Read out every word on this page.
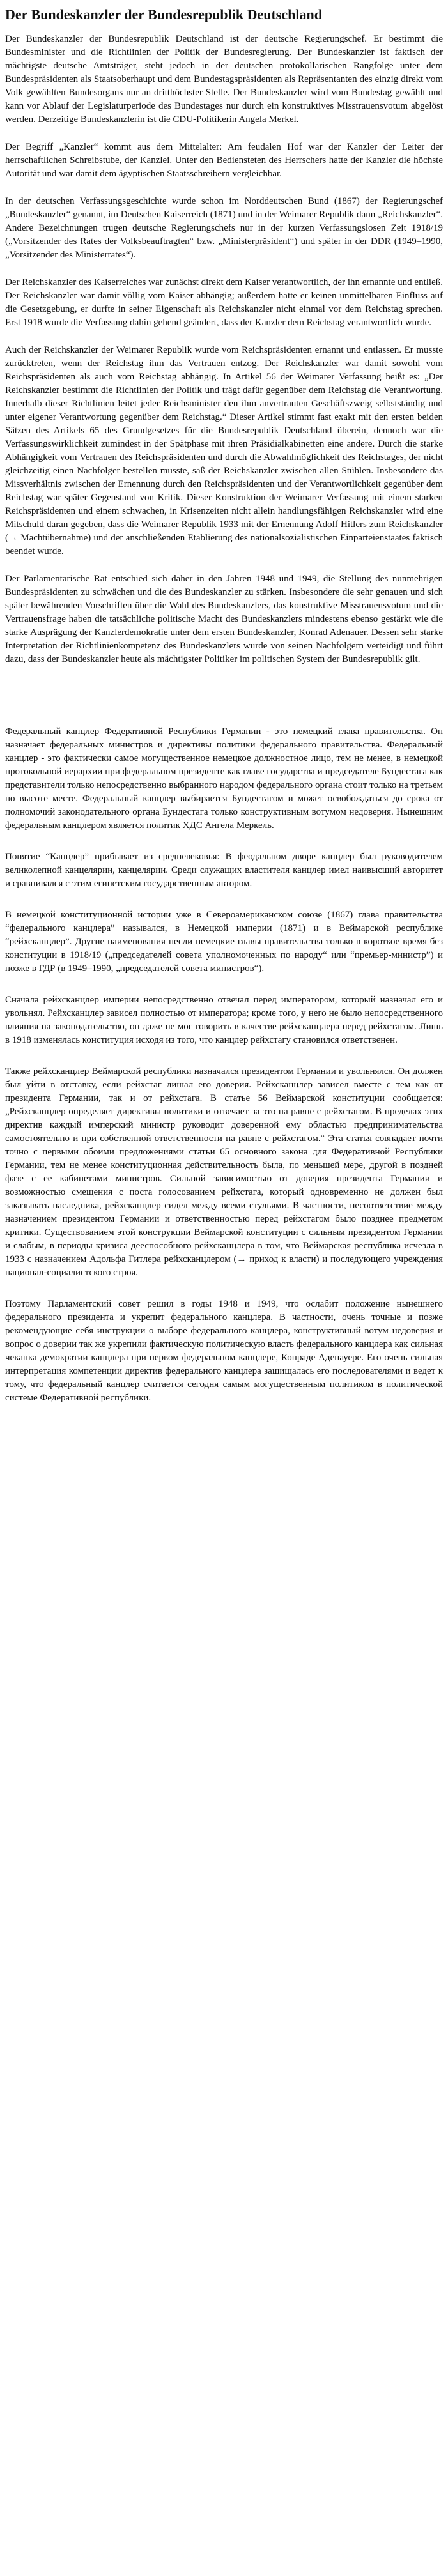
Der Bundeskanzler der Bundesrepublik Deutschland

Der Bundeskanzler der Bundesrepublik Deutschland ist der deutsche Regierungschef. Er bestimmt die Bundesminister und die Richtlinien der Politik der Bundesregierung. Der Bundeskanzler ist faktisch der mächtigste deutsche Amtsträger, steht jedoch in der deutschen protokollarischen Rangfolge unter dem Bundespräsidenten als Staatsoberhaupt und dem Bundestagspräsidenten als Repräsentanten des einzig direkt vom Volk gewählten Bundesorgans nur an dritthöchster Stelle. Der Bundeskanzler wird vom Bundestag gewählt und kann vor Ablauf der Legislaturperiode des Bundestages nur durch ein konstruktives Misstrauensvotum abgelöst werden. Derzeitige Bundeskanzlerin ist die CDU-Politikerin Angela Merkel.

Der Begriff „Kanzler“ kommt aus dem Mittelalter: Am feudalen Hof war der Kanzler der Leiter der herrschaftlichen Schreibstube, der Kanzlei. Unter den Bediensteten des Herrschers hatte der Kanzler die höchste Autorität und war damit dem ägyptischen Staatsschreibern vergleichbar.

In der deutschen Verfassungsgeschichte wurde schon im Norddeutschen Bund (1867) der Regierungschef „Bundeskanzler“ genannt, im Deutschen Kaiserreich (1871) und in der Weimarer Republik dann „Reichskanzler“. Andere Bezeichnungen trugen deutsche Regierungschefs nur in der kurzen Verfassungslosen Zeit 1918/19 („Vorsitzender des Rates der Volksbeauftragten“ bzw. „Ministerpräsident“) und später in der DDR (1949–1990, „Vorsitzender des Ministerrates“).

Der Reichskanzler des Kaiserreiches war zunächst direkt dem Kaiser verantwortlich, der ihn ernannte und entließ. Der Reichskanzler war damit völlig vom Kaiser abhängig; außerdem hatte er keinen unmittelbaren Einfluss auf die Gesetzgebung, er durfte in seiner Eigenschaft als Reichskanzler nicht einmal vor dem Reichstag sprechen. Erst 1918 wurde die Verfassung dahin gehend geändert, dass der Kanzler dem Reichstag verantwortlich wurde.

Auch der Reichskanzler der Weimarer Republik wurde vom Reichspräsidenten ernannt und entlassen. Er musste zurücktreten, wenn der Reichstag ihm das Vertrauen entzog. Der Reichskanzler war damit sowohl vom Reichspräsidenten als auch vom Reichstag abhängig. In Artikel 56 der Weimarer Verfassung heißt es: „Der Reichskanzler bestimmt die Richtlinien der Politik und trägt dafür gegenüber dem Reichstag die Verantwortung. Innerhalb dieser Richtlinien leitet jeder Reichsminister den ihm anvertrauten Geschäftszweig selbstständig und unter eigener Verantwortung gegenüber dem Reichstag.“ Dieser Artikel stimmt fast exakt mit den ersten beiden Sätzen des Artikels 65 des Grundgesetzes für die Bundesrepublik Deutschland überein, dennoch war die Verfassungswirklichkeit zumindest in der Spätphase mit ihren Präsidialkabinetten eine andere. Durch die starke Abhängigkeit vom Vertrauen des Reichspräsidenten und durch die Abwahlmöglichkeit des Reichstages, der nicht gleichzeitig einen Nachfolger bestellen musste, saß der Reichskanzler zwischen allen Stühlen. Insbesondere das Missverhältnis zwischen der Ernennung durch den Reichspräsidenten und der Verantwortlichkeit gegenüber dem Reichstag war später Gegenstand von Kritik. Dieser Konstruktion der Weimarer Verfassung mit einem starken Reichspräsidenten und einem schwachen, in Krisenzeiten nicht allein handlungsfähigen Reichskanzler wird eine Mitschuld daran gegeben, dass die Weimarer Republik 1933 mit der Ernennung Adolf Hitlers zum Reichskanzler (→ Machtübernahme) und der anschließenden Etablierung des nationalsozialistischen Einparteienstaates faktisch beendet wurde.

Der Parlamentarische Rat entschied sich daher in den Jahren 1948 und 1949, die Stellung des nunmehrigen Bundespräsidenten zu schwächen und die des Bundeskanzler zu stärken. Insbesondere die sehr genauen und sich später bewährenden Vorschriften über die Wahl des Bundeskanzlers, das konstruktive Misstrauensvotum und die Vertrauensfrage haben die tatsächliche politische Macht des Bundeskanzlers mindestens ebenso gestärkt wie die starke Ausprägung der Kanzlerdemokratie unter dem ersten Bundeskanzler, Konrad Adenauer. Dessen sehr starke Interpretation der Richtlinienkompetenz des Bundeskanzlers wurde von seinen Nachfolgern verteidigt und führt dazu, dass der Bundeskanzler heute als mächtigster Politiker im politischen System der Bundesrepublik gilt.

Федеральный канцлер Федеративной Республики Германии - это немецкий глава правительства. Он назначает федеральных министров и директивы политики федерального правительства. Федеральный канцлер - это фактически самое могущественное немецкое должностное лицо, тем не менее, в немецкой протокольной иерархии при федеральном президенте как главе государства и председателе Бундестага как представители только непосредственно выбранного народом федерального органа стоит только на третьем по высоте месте. Федеральный канцлер выбирается Бундестагом и может освобождаться до срока от полномочий законодательного органа Бундестага только конструктивным вотумом недоверия. Нынешним федеральным канцлером является политик ХДС Ангела Меркель.

Понятие “Канцлер” прибывает из средневековья: В феодальном дворе канцлер был руководителем великолепной канцелярии, канцелярии. Среди служащих властителя канцлер имел наивысший авторитет и сравнивался с этим египетским государственным автором.

В немецкой конституционной истории уже в Североамериканском союзе (1867) глава правительства “федерального канцлера” назывался, в Немецкой империи (1871) и в Веймарской республике “рейхсканцлер”. Другие наименования несли немецкие главы правительства только в короткое время без конституции в 1918/19 („председателей совета уполномоченных по народу“ или “премьер-министр”) и позже в ГДР (в 1949–1990, „председателей совета министров“).

Сначала рейхсканцлер империи непосредственно отвечал перед императором, который назначал его и увольнял. Рейхсканцлер зависел полностью от императора; кроме того, у него не было непосредственного влияния на законодательство, он даже не мог говорить в качестве рейхсканцлера перед рейхстагом. Лишь в 1918 изменялась конституция исходя из того, что канцлер рейхстагу становился ответственен.

Также рейхсканцлер Веймарской республики назначался президентом Германии и увольнялся. Он должен был уйти в отставку, если рейхстаг лишал его доверия. Рейхсканцлер зависел вместе с тем как от президента Германии, так и от рейхстага. В статье 56 Веймарской конституции сообщается: „Рейхсканцлер определяет директивы политики и отвечает за это на равне с рейхстагом. В пределах этих директив каждый имперский министр руководит доверенной ему областью предпринимательства самостоятельно и при собственной ответственности на равне с рейхстагом.“ Эта статья совпадает почти точно с первыми обоими предложениями статьи 65 основного закона для Федеративной Республики Германии, тем не менее конституционная действительность была, по меньшей мере, другой в поздней фазе с ее кабинетами министров. Сильной зависимостью от доверия президента Германии и возможностью смещения с поста голосованием рейхстага, который одновременно не должен был заказывать наследника, рейхсканцлер сидел между всеми стульями. В частности, несоответствие между назначением президентом Германии и ответственностью перед рейхстагом было позднее предметом критики. Существованием этой конструкции Веймарской конституции с сильным президентом Германии и слабым, в периоды кризиса дееспособного рейхсканцлера в том, что Веймарская республика исчезла в 1933 с назначением Адольфа Гитлера рейхсканцлером (→ приход к власти) и последующего учреждения национал-социалистского строя.

Поэтому Парламентский совет решил в годы 1948 и 1949, что ослабит положение нынешнего федерального президента и укрепит федерального канцлера. В частности, очень точные и позже рекомендующие себя инструкции о выборе федерального канцлера, конструктивный вотум недоверия и вопрос о доверии так же укрепили фактическую политическую власть федерального канцлера как сильная чеканка демократии канцлера при первом федеральном канцлере, Конраде Аденауере. Его очень сильная интерпретация компетенции директив федерального канцлера защищалась его последователями и ведет к тому, что федеральный канцлер считается сегодня самым могущественным политиком в политической системе Федеративной республики.
